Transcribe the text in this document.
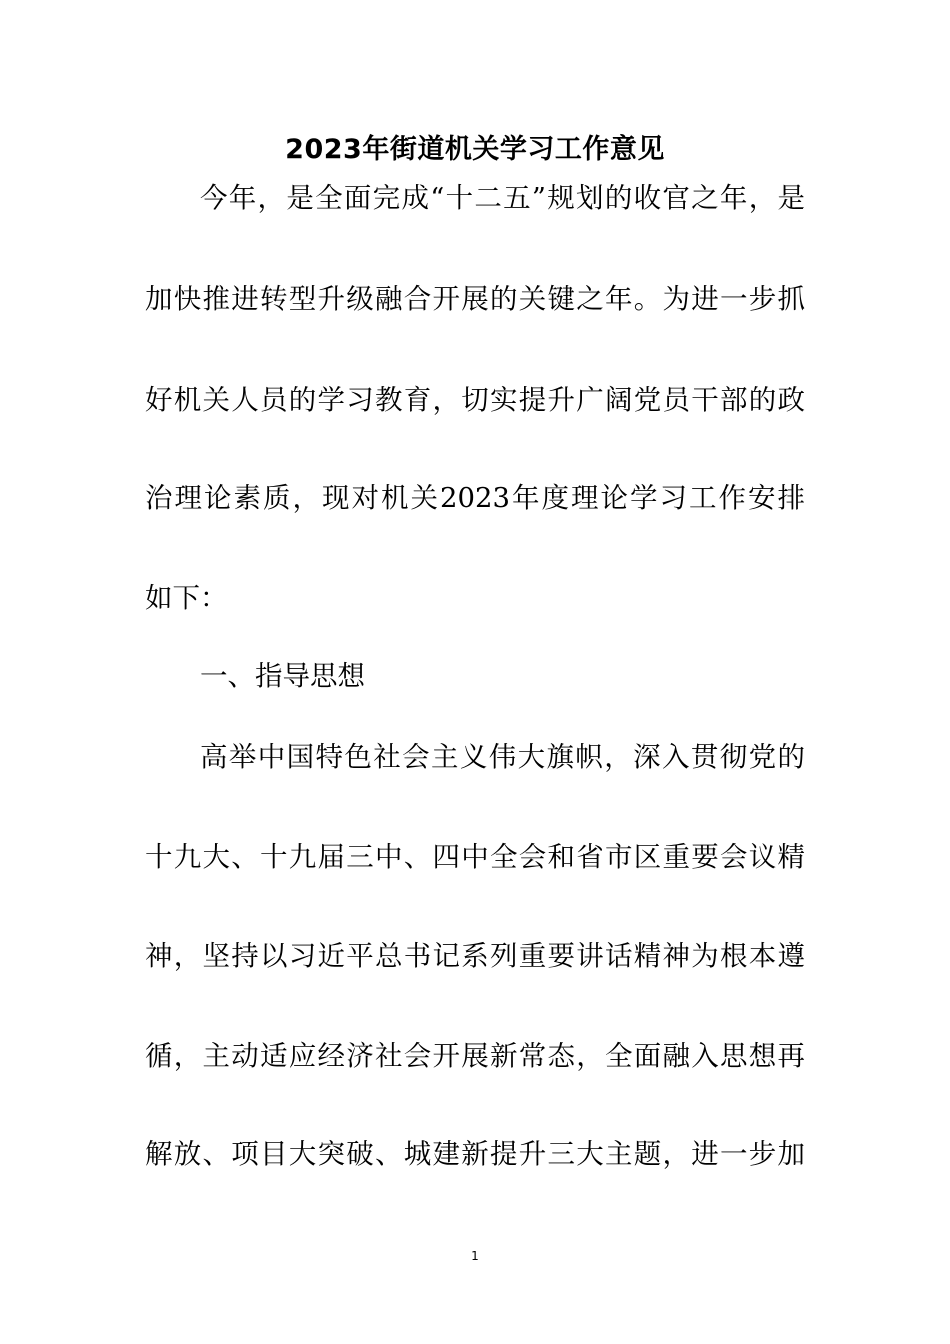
2023年街道机关学习工作意见
今年，是全面完成“十二五”规划的收官之年，是
加快推进转型升级融合开展的关键之年。为进一步抓
好机关人员的学习教育，切实提升广阔党员干部的政
治理论素质，现对机关2023年度理论学习工作安排
如下：
一、指导思想
高举中国特色社会主义伟大旗帜，深入贯彻党的
十九大、十九届三中、四中全会和省市区重要会议精
神，坚持以习近平总书记系列重要讲话精神为根本遵
循，主动适应经济社会开展新常态，全面融入思想再
解放、项目大突破、城建新提升三大主题，进一步加
1
